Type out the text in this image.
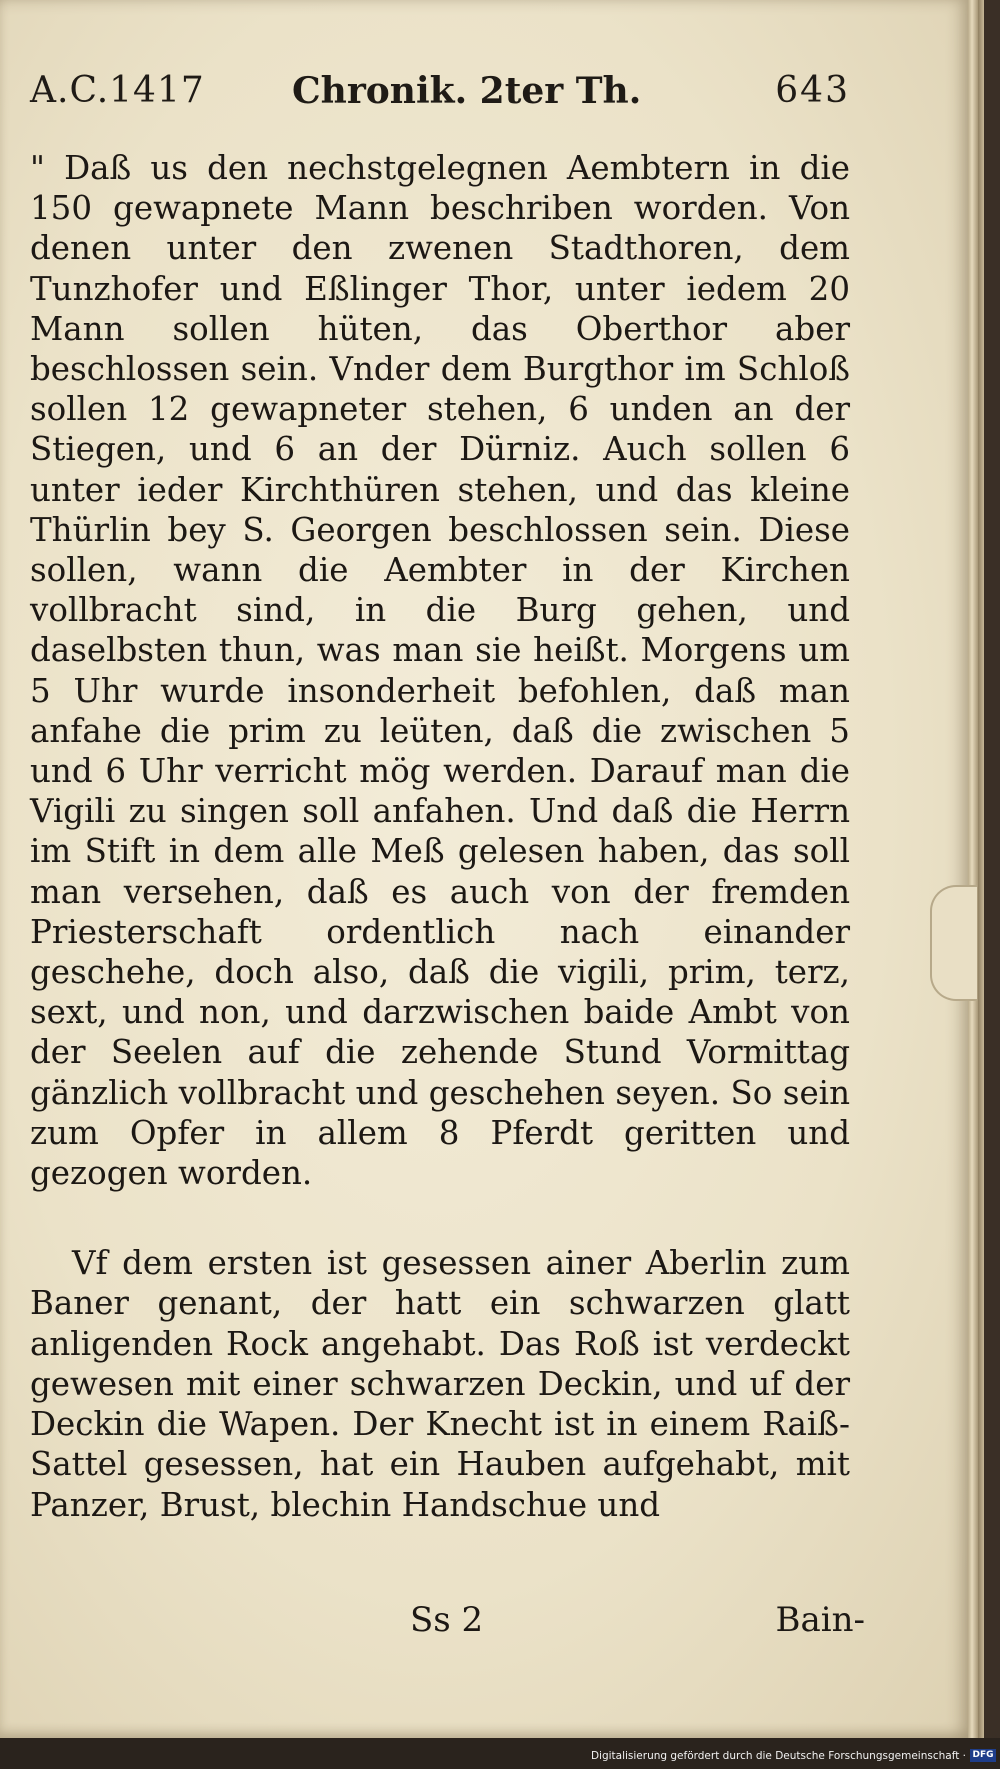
A.C.1417 Chronik. 2ter Th.	643

" Daß us den nechstgelegnen Aembtern in die 150 gewapnete Mann beschriben worden. Von denen unter den zwenen Stadthoren, dem Tunzhofer und Eßlinger Thor, unter iedem 20 Mann sollen hüten, das Oberthor aber beschlossen sein. Vnder dem Burgthor im Schloß sollen 12 gewapneter stehen, 6 unden an der Stiegen, und 6 an der Dürniz. Auch sollen 6 unter ieder Kirchthüren stehen, und das kleine Thürlin bey S. Georgen beschlossen sein. Diese sollen, wann die Aembter in der Kirchen vollbracht sind, in die Burg gehen, und daselbsten thun, was man sie heißt. Morgens um 5 Uhr wurde insonderheit befohlen, daß man anfahe die prim zu leüten, daß die zwischen 5 und 6 Uhr verricht mög werden. Darauf man die Vigili zu singen soll anfahen. Und daß die Herrn im Stift in dem alle Meß gelesen haben, das soll man versehen, daß es auch von der fremden Priesterschaft ordentlich nach einander geschehe, doch also, daß die vigili, prim, terz, sext, und non, und darzwischen baide Ambt von der Seelen auf die zehende Stund Vormittag gänzlich vollbracht und geschehen seyen. So sein zum Opfer in allem 8 Pferdt geritten und gezogen worden.

Vf dem ersten ist gesessen ainer Aberlin zum Baner genant, der hatt ein schwarzen glatt anligenden Rock angehabt. Das Roß ist verdeckt gewesen mit einer schwarzen Deckin, und uf der Deckin die Wapen. Der Knecht ist in einem Raiß-Sattel gesessen, hat ein Hauben aufgehabt, mit Panzer, Brust, blechin Handschue und

Ss 2	Bain-
Digitalisierung gefördert durch die Deutsche Forschungsgemeinschaft · DFG
